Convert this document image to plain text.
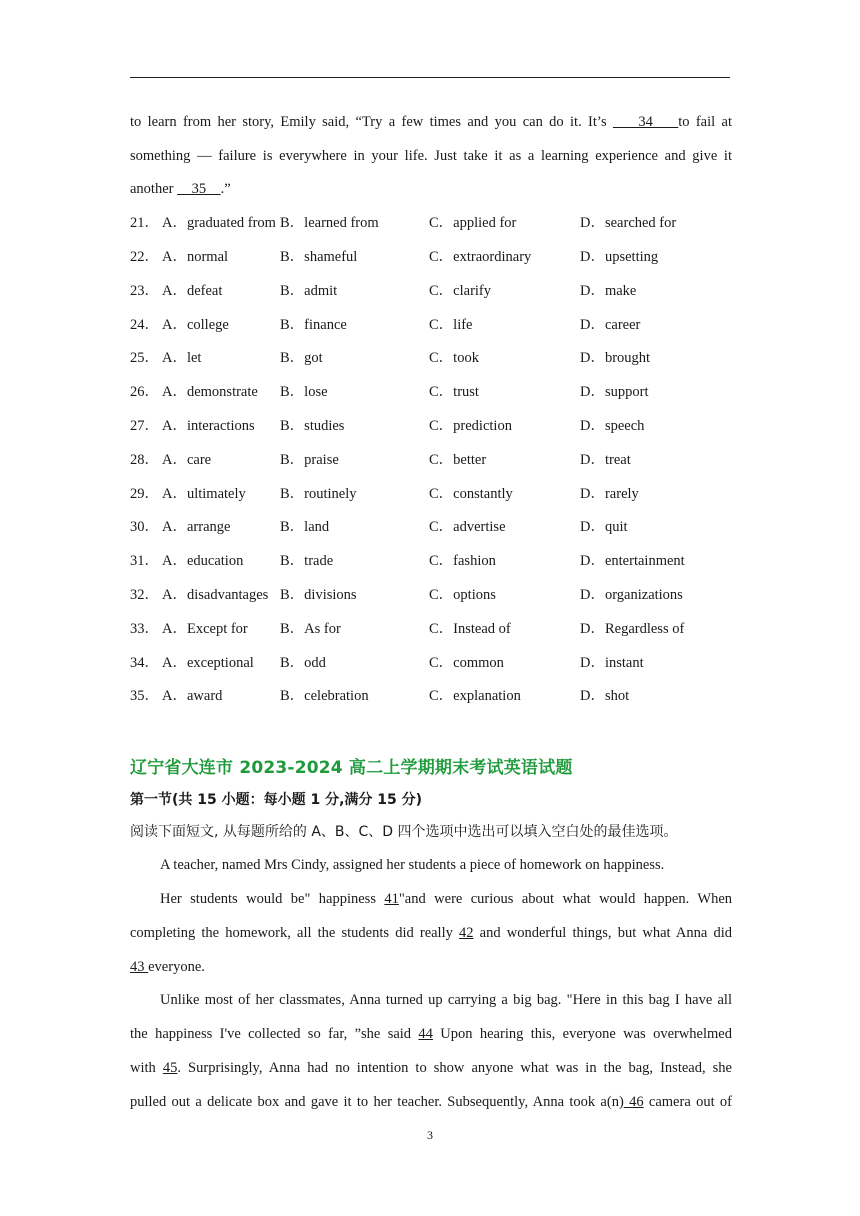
to learn from her story, Emily said, “Try a few times and you can do it. It’s     34    to fail at
something — failure is everywhere in your life. Just take it as a learning experience and give it
another     35    .”
21． A．graduated from B．learned from	C．applied for	D．searched for
22． A．normal	B．shameful	C．extraordinary	D．upsetting
23． A．defeat	B．admit	C．clarify	D．make
24． A．college	B．finance	C．life	D．career
25． A．let	B．got	C．took	D．brought
26． A．demonstrate B．lose	C．trust	D．support
27． A．interactions B．studies	C．prediction	D．speech
28． A．care	B．praise	C．better	D．treat
29． A．ultimately B．routinely	C．constantly	D．rarely
30． A．arrange	B．land	C．advertise	D．quit
31． A．education	B．trade	C．fashion	D．entertainment
32． A．disadvantages B．divisions	C．options	D．organizations
33． A．Except for B．As for	C．Instead of	D．Regardless of
34． A．exceptional B．odd	C．common	D．instant
35． A．award	B．celebration	C．explanation	D．shot
辽宁省大连市 2023-2024 高二上学期期末考试英语试题
第一节(共 15 小题：每小题 1 分,满分 15 分)
阅读下面短文, 从每题所给的 A、B、C、D 四个选项中选出可以填入空白处的最佳选项。
A teacher, named Mrs Cindy, assigned her students a piece of homework on happiness.
Her students would be" happiness 41"and were curious about what would happen. When
completing the homework, all the students did really 42 and wonderful things, but what Anna did
43 everyone.
Unlike most of her classmates, Anna turned up carrying a big bag. "Here in this bag I have all
the happiness I've collected so far, ”she said 44 Upon hearing this, everyone was overwhelmed
with 45. Surprisingly, Anna had no intention to show anyone what was in the bag, Instead, she
pulled out a delicate box and gave it to her teacher. Subsequently, Anna took a(n) 46 camera out of
3
